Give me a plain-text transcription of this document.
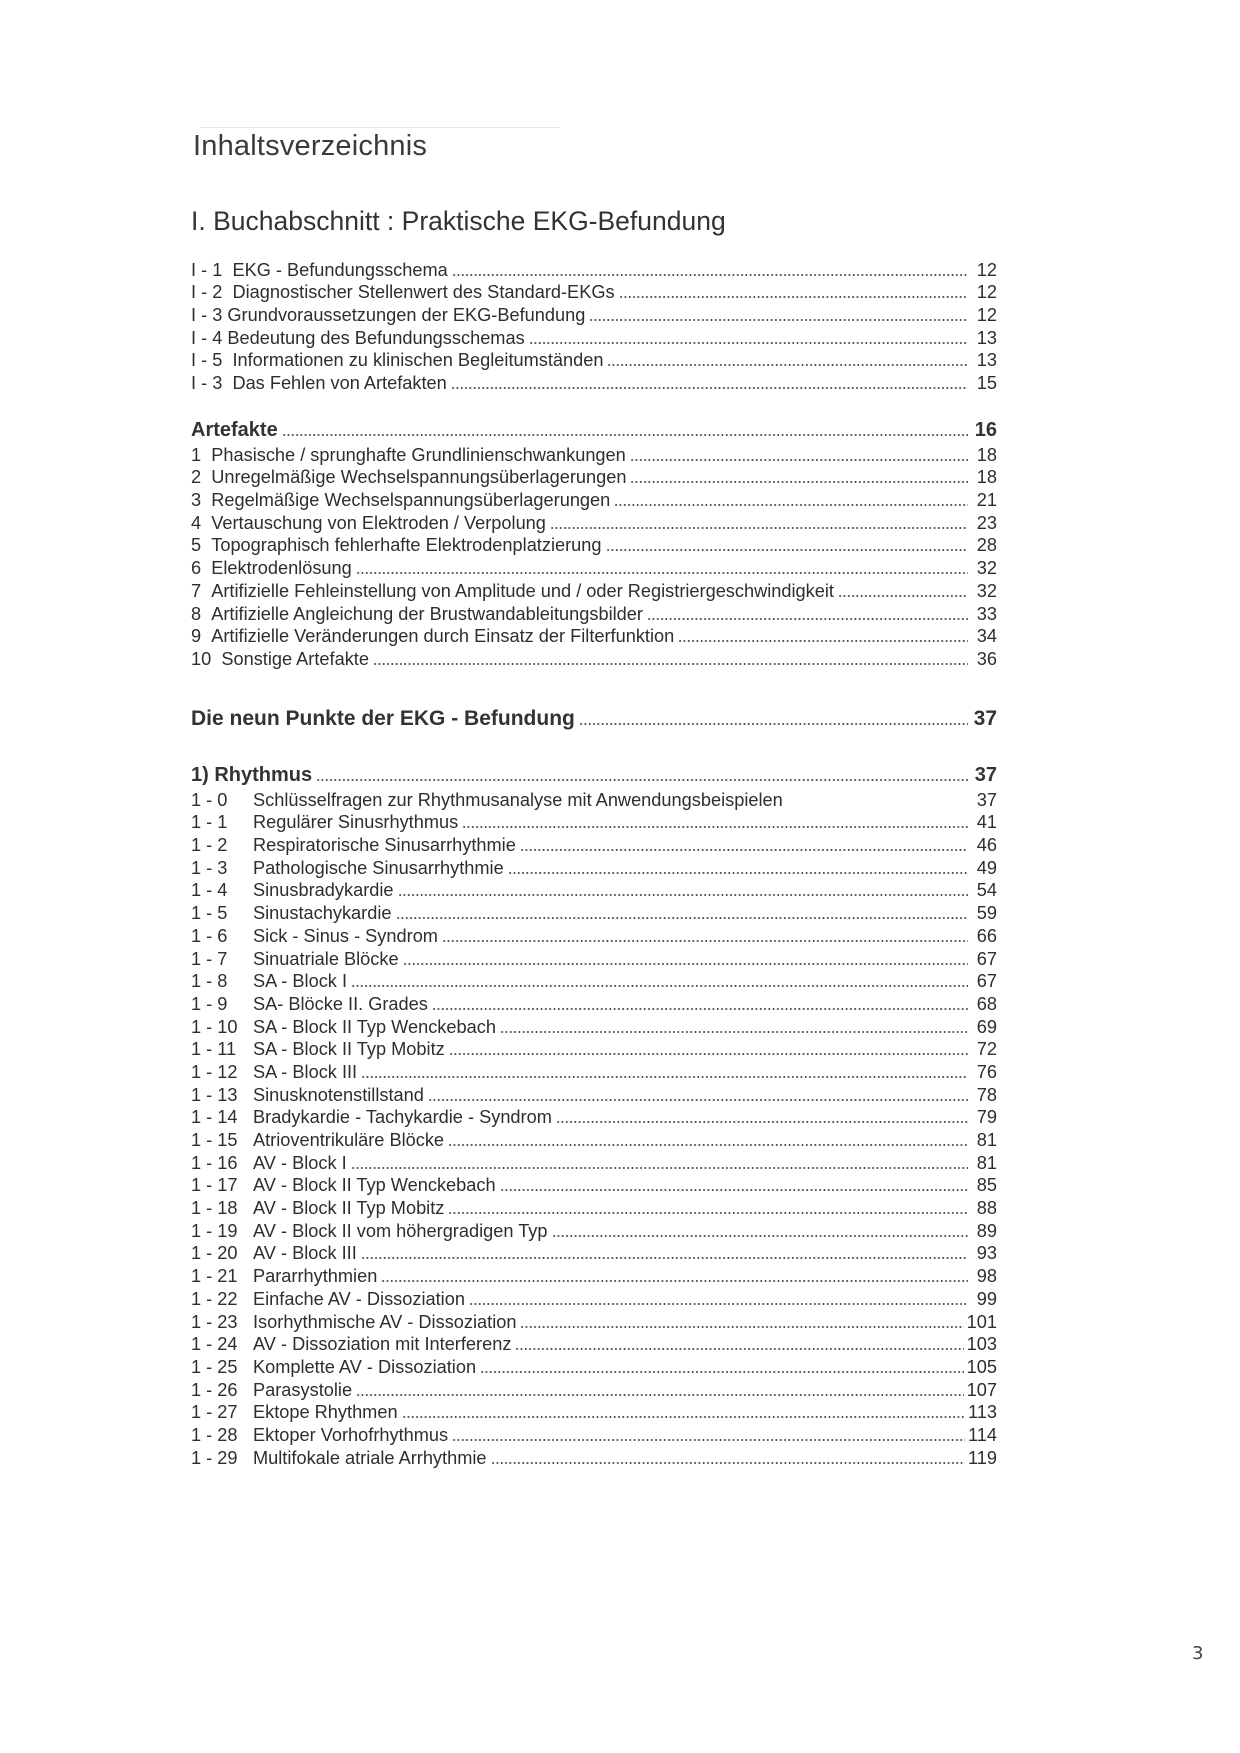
Inhaltsverzeichnis
I. Buchabschnitt : Praktische EKG-Befundung
I - 1 EKG - Befundungsschema	12
I - 2 Diagnostischer Stellenwert des Standard-EKGs	12
I - 3 Grundvoraussetzungen der EKG-Befundung	12
I - 4 Bedeutung des Befundungsschemas	13
I - 5 Informationen zu klinischen Begleitumständen	13
I - 3 Das Fehlen von Artefakten	15
Artefakte	16
1 Phasische / sprunghafte Grundlinienschwankungen	18
2 Unregelmäßige Wechselspannungsüberlagerungen	18
3 Regelmäßige Wechselspannungsüberlagerungen	21
4 Vertauschung von Elektroden / Verpolung	23
5 Topographisch fehlerhafte Elektrodenplatzierung	28
6 Elektrodenlösung	32
7 Artifizielle Fehleinstellung von Amplitude und / oder Registriergeschwindigkeit	32
8 Artifizielle Angleichung der Brustwandableitungsbilder	33
9 Artifizielle Veränderungen durch Einsatz der Filterfunktion	34
10 Sonstige Artefakte	36
Die neun Punkte der EKG - Befundung	37
1) Rhythmus	37
1 - 0	Schlüsselfragen zur Rhythmusanalyse mit Anwendungsbeispielen	37
1 - 1	Regulärer Sinusrhythmus	41
1 - 2	Respiratorische Sinusarrhythmie	46
1 - 3	Pathologische Sinusarrhythmie	49
1 - 4	Sinusbradykardie	54
1 - 5	Sinustachykardie	59
1 - 6	Sick - Sinus - Syndrom	66
1 - 7	Sinuatriale Blöcke	67
1 - 8	SA - Block I	67
1 - 9	SA- Blöcke II. Grades	68
1 - 10 SA - Block II Typ Wenckebach	69
1 - 11 SA - Block II Typ Mobitz	72
1 - 12 SA - Block III	76
1 - 13 Sinusknotenstillstand	78
1 - 14 Bradykardie - Tachykardie - Syndrom	79
1 - 15 Atrioventrikuläre Blöcke	81
1 - 16 AV - Block I	81
1 - 17 AV - Block II Typ Wenckebach	85
1 - 18 AV - Block II Typ Mobitz	88
1 - 19 AV - Block II vom höhergradigen Typ	89
1 - 20 AV - Block III	93
1 - 21 Pararrhythmien	98
1 - 22 Einfache AV - Dissoziation	99
1 - 23 Isorhythmische AV - Dissoziation	101
1 - 24 AV - Dissoziation mit Interferenz	103
1 - 25 Komplette AV - Dissoziation	105
1 - 26 Parasystolie	107
1 - 27 Ektope Rhythmen	113
1 - 28 Ektoper Vorhofrhythmus	114
1 - 29 Multifokale atriale Arrhythmie	119
3
